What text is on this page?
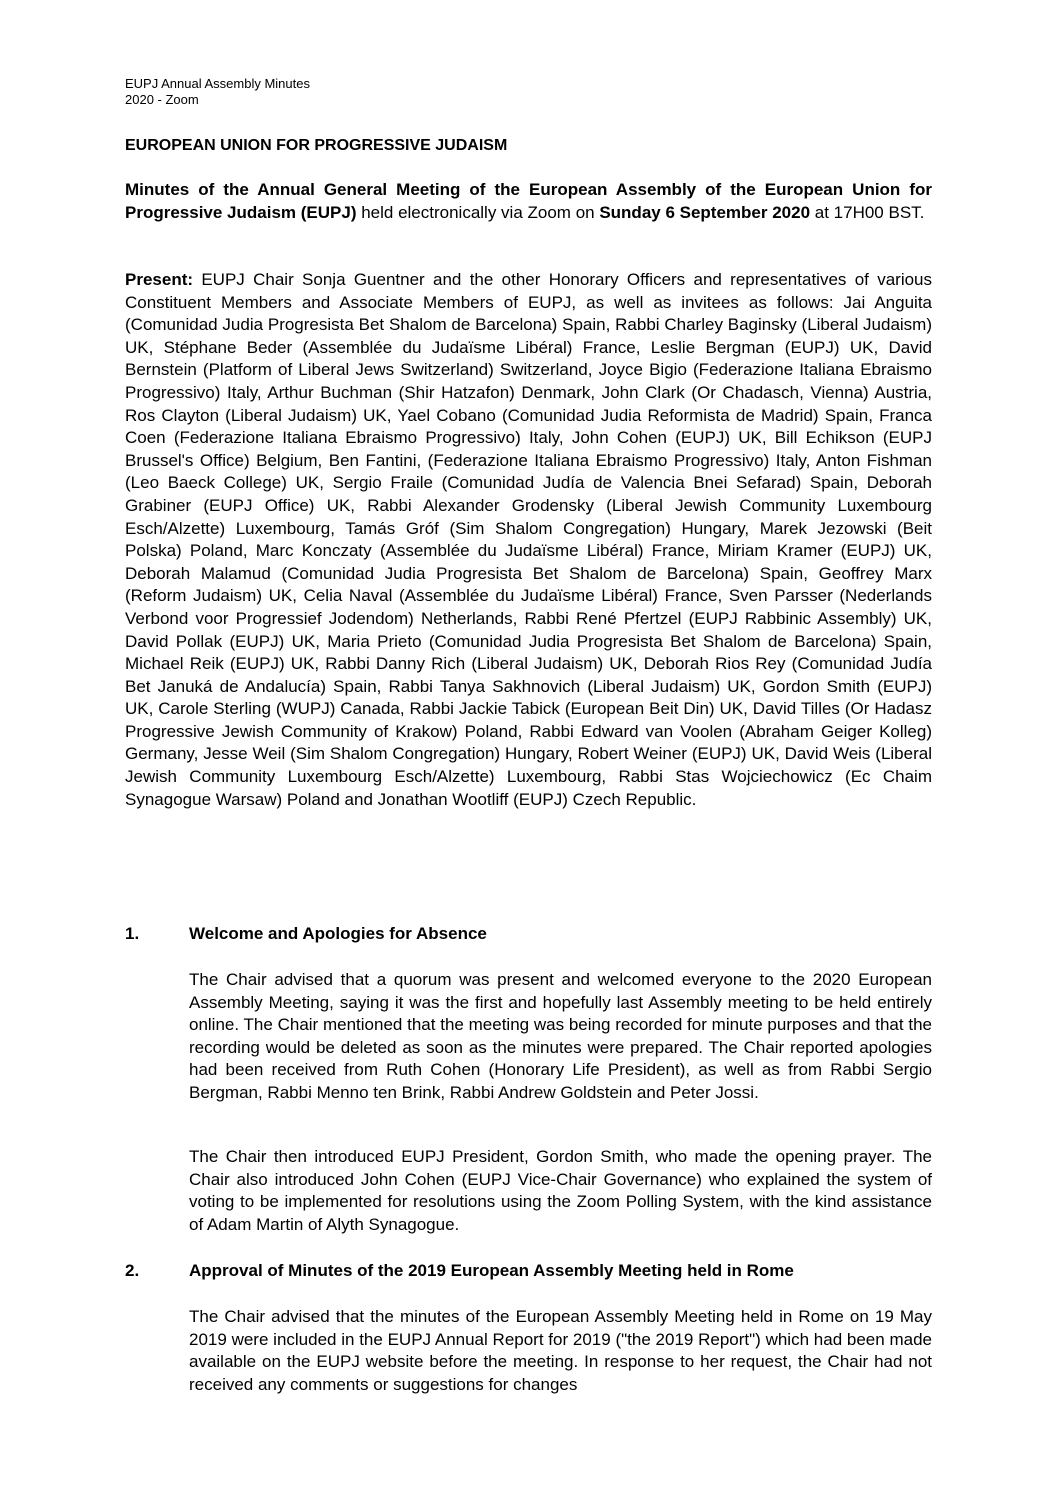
EUPJ Annual Assembly Minutes
2020 - Zoom
EUROPEAN UNION FOR PROGRESSIVE JUDAISM

Minutes of the Annual General Meeting of the European Assembly of the European Union for Progressive Judaism (EUPJ) held electronically via Zoom on Sunday 6 September 2020 at 17H00 BST.

Present: EUPJ Chair Sonja Guentner and the other Honorary Officers and representatives of various Constituent Members and Associate Members of EUPJ, as well as invitees as follows: Jai Anguita (Comunidad Judia Progresista Bet Shalom de Barcelona) Spain, Rabbi Charley Baginsky (Liberal Judaism) UK, Stéphane Beder (Assemblée du Judaïsme Libéral) France, Leslie Bergman (EUPJ) UK, David Bernstein (Platform of Liberal Jews Switzerland) Switzerland, Joyce Bigio (Federazione Italiana Ebraismo Progressivo) Italy, Arthur Buchman (Shir Hatzafon) Denmark, John Clark (Or Chadasch, Vienna) Austria, Ros Clayton (Liberal Judaism) UK, Yael Cobano (Comunidad Judia Reformista de Madrid) Spain, Franca Coen (Federazione Italiana Ebraismo Progressivo) Italy, John Cohen (EUPJ) UK, Bill Echikson (EUPJ Brussel's Office) Belgium, Ben Fantini, (Federazione Italiana Ebraismo Progressivo) Italy, Anton Fishman (Leo Baeck College) UK, Sergio Fraile (Comunidad Judía de Valencia Bnei Sefarad) Spain, Deborah Grabiner (EUPJ Office) UK, Rabbi Alexander Grodensky (Liberal Jewish Community Luxembourg Esch/Alzette) Luxembourg, Tamás Gróf (Sim Shalom Congregation) Hungary, Marek Jezowski (Beit Polska) Poland, Marc Konczaty (Assemblée du Judaïsme Libéral) France, Miriam Kramer (EUPJ) UK, Deborah Malamud (Comunidad Judia Progresista Bet Shalom de Barcelona) Spain, Geoffrey Marx (Reform Judaism) UK, Celia Naval (Assemblée du Judaïsme Libéral) France, Sven Parsser (Nederlands Verbond voor Progressief Jodendom) Netherlands, Rabbi René Pfertzel (EUPJ Rabbinic Assembly) UK, David Pollak (EUPJ) UK, Maria Prieto (Comunidad Judia Progresista Bet Shalom de Barcelona) Spain, Michael Reik (EUPJ) UK, Rabbi Danny Rich (Liberal Judaism) UK, Deborah Rios Rey (Comunidad Judía Bet Januká de Andalucía) Spain, Rabbi Tanya Sakhnovich (Liberal Judaism) UK, Gordon Smith (EUPJ) UK, Carole Sterling (WUPJ) Canada, Rabbi Jackie Tabick (European Beit Din) UK, David Tilles (Or Hadasz Progressive Jewish Community of Krakow) Poland, Rabbi Edward van Voolen (Abraham Geiger Kolleg) Germany, Jesse Weil (Sim Shalom Congregation) Hungary, Robert Weiner (EUPJ) UK, David Weis (Liberal Jewish Community Luxembourg Esch/Alzette) Luxembourg, Rabbi Stas Wojciechowicz (Ec Chaim Synagogue Warsaw) Poland and Jonathan Wootliff (EUPJ) Czech Republic.

1.	Welcome and Apologies for Absence

The Chair advised that a quorum was present and welcomed everyone to the 2020 European Assembly Meeting, saying it was the first and hopefully last Assembly meeting to be held entirely online. The Chair mentioned that the meeting was being recorded for minute purposes and that the recording would be deleted as soon as the minutes were prepared. The Chair reported apologies had been received from Ruth Cohen (Honorary Life President), as well as from Rabbi Sergio Bergman, Rabbi Menno ten Brink, Rabbi Andrew Goldstein and Peter Jossi.

The Chair then introduced EUPJ President, Gordon Smith, who made the opening prayer. The Chair also introduced John Cohen (EUPJ Vice-Chair Governance) who explained the system of voting to be implemented for resolutions using the Zoom Polling System, with the kind assistance of Adam Martin of Alyth Synagogue.

2.	Approval of Minutes of the 2019 European Assembly Meeting held in Rome

The Chair advised that the minutes of the European Assembly Meeting held in Rome on 19 May 2019 were included in the EUPJ Annual Report for 2019 ("the 2019 Report") which had been made available on the EUPJ website before the meeting. In response to her request, the Chair had not received any comments or suggestions for changes
